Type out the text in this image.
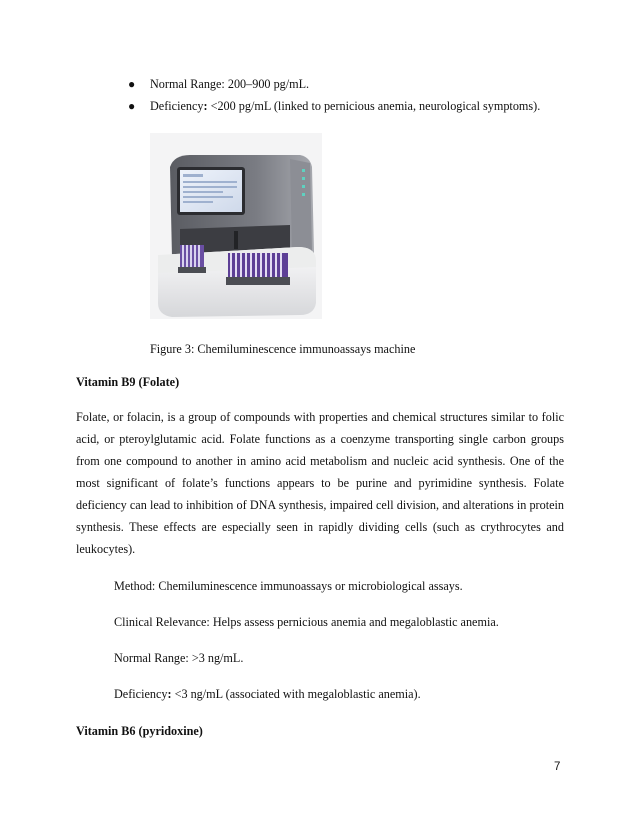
● Normal Range: 200–900 pg/mL.
● Deficiency: <200 pg/mL (linked to pernicious anemia, neurological symptoms).
Figure 3: Chemiluminescence immunoassays machine
Vitamin B9 (Folate)

Folate, or folacin, is a group of compounds with properties and chemical structures similar to folic acid, or pteroylglutamic acid. Folate functions as a coenzyme transporting single carbon groups from one compound to another in amino acid metabolism and nucleic acid synthesis. One of the most significant of folate’s functions appears to be purine and pyrimidine synthesis. Folate deficiency can lead to inhibition of DNA synthesis, impaired cell division, and alterations in protein synthesis. These effects are especially seen in rapidly dividing cells (such as crythrocytes and leukocytes).

Method: Chemiluminescence immunoassays or microbiological assays.
Clinical Relevance: Helps assess pernicious anemia and megaloblastic anemia.
Normal Range: >3 ng/mL.
Deficiency: <3 ng/mL (associated with megaloblastic anemia).
Vitamin B6 (pyridoxine)
7
